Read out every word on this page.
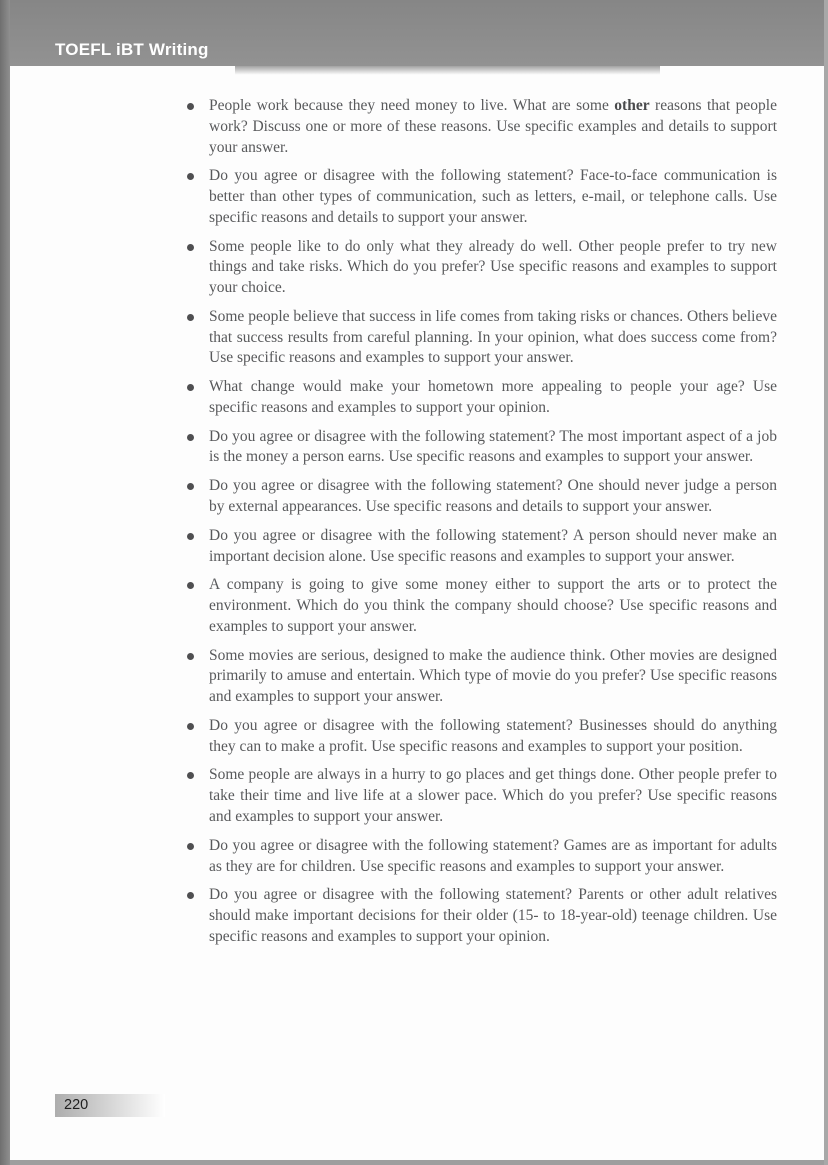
TOEFL iBT Writing
People work because they need money to live. What are some other reasons that people work? Discuss one or more of these reasons. Use specific examples and details to support your answer.
Do you agree or disagree with the following statement? Face-to-face communication is better than other types of communication, such as letters, e-mail, or telephone calls. Use specific reasons and details to support your answer.
Some people like to do only what they already do well. Other people prefer to try new things and take risks. Which do you prefer? Use specific reasons and examples to support your choice.
Some people believe that success in life comes from taking risks or chances. Others believe that success results from careful planning. In your opinion, what does success come from? Use specific reasons and examples to support your answer.
What change would make your hometown more appealing to people your age? Use specific reasons and examples to support your opinion.
Do you agree or disagree with the following statement? The most important aspect of a job is the money a person earns. Use specific reasons and examples to support your answer.
Do you agree or disagree with the following statement? One should never judge a person by external appearances. Use specific reasons and details to support your answer.
Do you agree or disagree with the following statement? A person should never make an important decision alone. Use specific reasons and examples to support your answer.
A company is going to give some money either to support the arts or to protect the environment. Which do you think the company should choose? Use specific reasons and examples to support your answer.
Some movies are serious, designed to make the audience think. Other movies are designed primarily to amuse and entertain. Which type of movie do you prefer? Use specific reasons and examples to support your answer.
Do you agree or disagree with the following statement? Businesses should do anything they can to make a profit. Use specific reasons and examples to support your position.
Some people are always in a hurry to go places and get things done. Other people prefer to take their time and live life at a slower pace. Which do you prefer? Use specific reasons and examples to support your answer.
Do you agree or disagree with the following statement? Games are as important for adults as they are for children. Use specific reasons and examples to support your answer.
Do you agree or disagree with the following statement? Parents or other adult relatives should make important decisions for their older (15- to 18-year-old) teenage children. Use specific reasons and examples to support your opinion.
220
